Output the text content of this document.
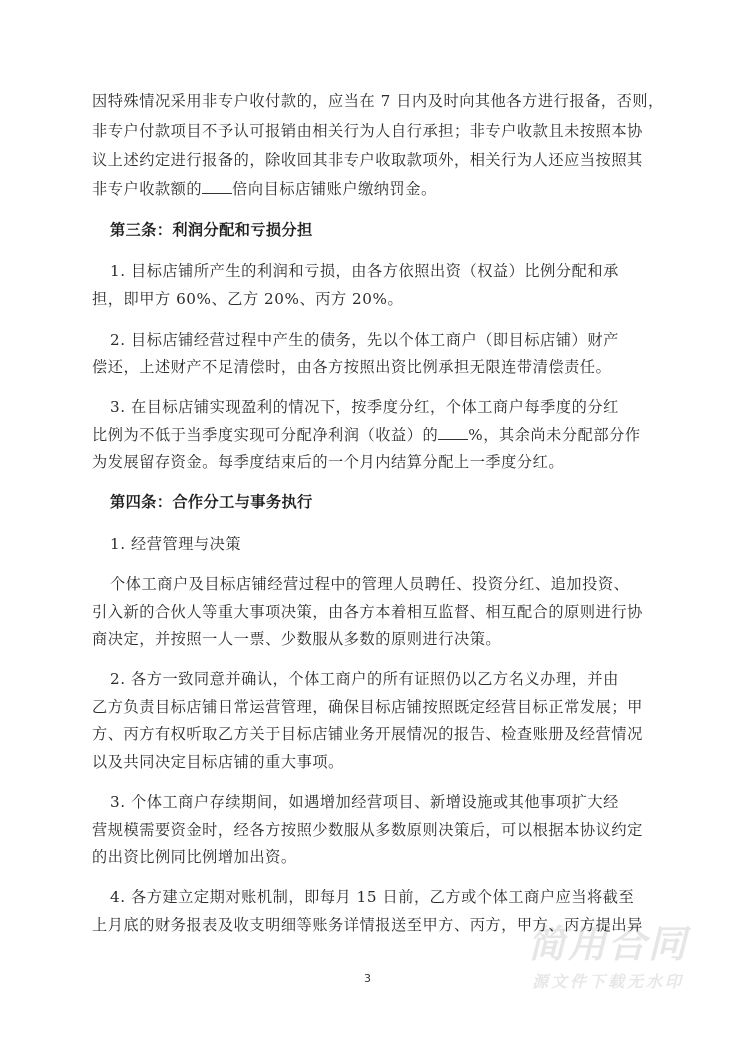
简用合同
源文件下载无水印
因特殊情况采用非专户收付款的，应当在 7 日内及时向其他各方进行报备，否则，
非专户付款项目不予认可报销由相关行为人自行承担；非专户收款且未按照本协
议上述约定进行报备的，除收回其非专户收取款项外，相关行为人还应当按照其
非专户收款额的 倍向目标店铺账户缴纳罚金。
第三条：利润分配和亏损分担
1. 目标店铺所产生的利润和亏损，由各方依照出资（权益）比例分配和承
担，即甲方 60%、乙方 20%、丙方 20%。
2. 目标店铺经营过程中产生的债务，先以个体工商户（即目标店铺）财产
偿还，上述财产不足清偿时，由各方按照出资比例承担无限连带清偿责任。
3. 在目标店铺实现盈利的情况下，按季度分红，个体工商户每季度的分红
比例为不低于当季度实现可分配净利润（收益）的 %，其余尚未分配部分作
为发展留存资金。每季度结束后的一个月内结算分配上一季度分红。
第四条：合作分工与事务执行
1. 经营管理与决策
个体工商户及目标店铺经营过程中的管理人员聘任、投资分红、追加投资、
引入新的合伙人等重大事项决策，由各方本着相互监督、相互配合的原则进行协
商决定，并按照一人一票、少数服从多数的原则进行决策。
2. 各方一致同意并确认，个体工商户的所有证照仍以乙方名义办理，并由
乙方负责目标店铺日常运营管理，确保目标店铺按照既定经营目标正常发展；甲
方、丙方有权听取乙方关于目标店铺业务开展情况的报告、检查账册及经营情况
以及共同决定目标店铺的重大事项。
3. 个体工商户存续期间，如遇增加经营项目、新增设施或其他事项扩大经
营规模需要资金时，经各方按照少数服从多数原则决策后，可以根据本协议约定
的出资比例同比例增加出资。
4. 各方建立定期对账机制，即每月 15 日前，乙方或个体工商户应当将截至
上月底的财务报表及收支明细等账务详情报送至甲方、丙方，甲方、丙方提出异
3
